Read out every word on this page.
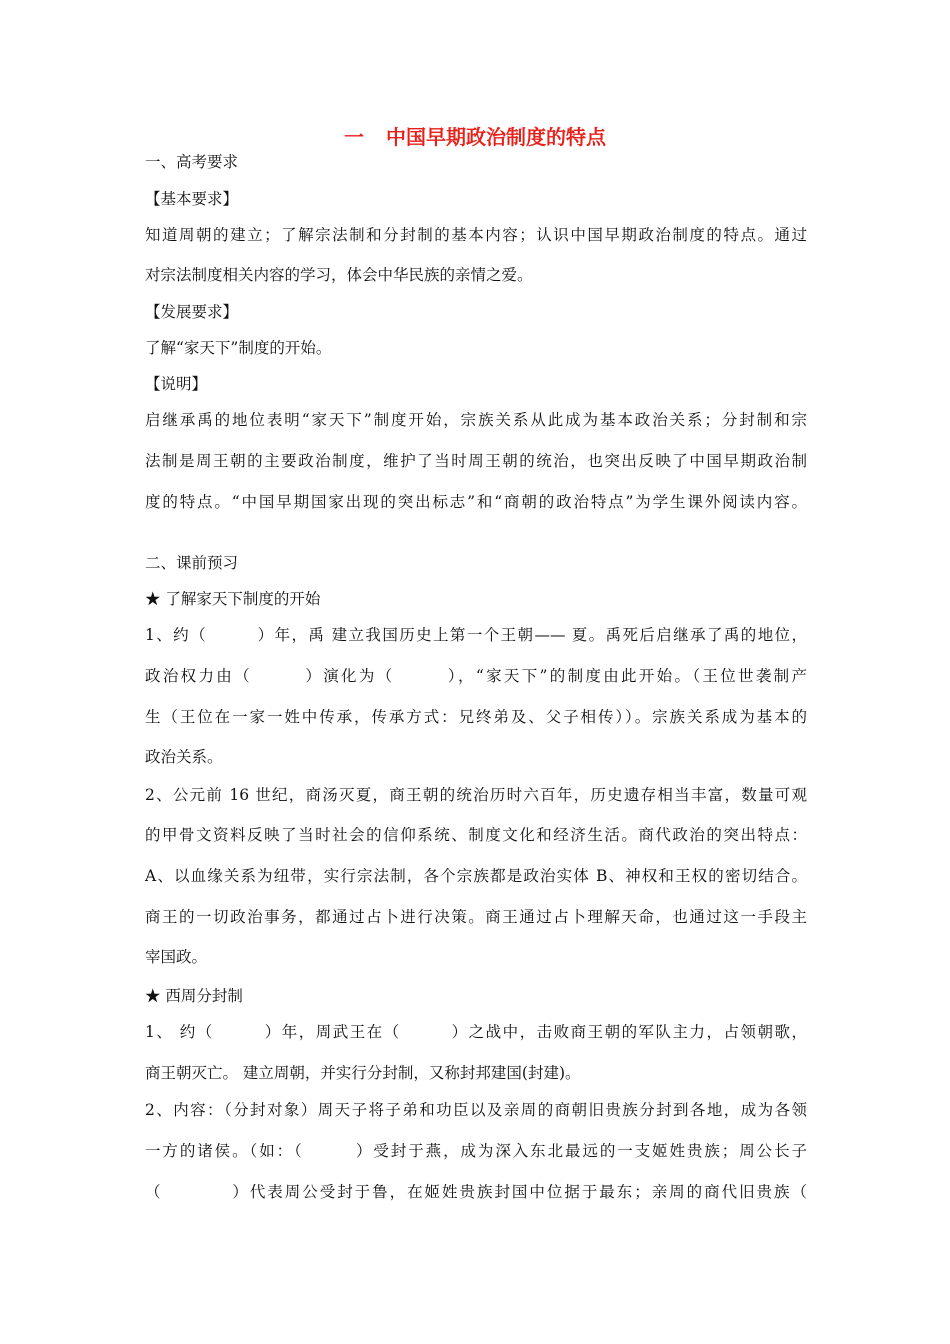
一 中国早期政治制度的特点
一、高考要求
【基本要求】
知道周朝的建立；了解宗法制和分封制的基本内容；认识中国早期政治制度的特点。通过
对宗法制度相关内容的学习，体会中华民族的亲情之爱。
【发展要求】
了解“家天下”制度的开始。
【说明】
启继承禹的地位表明“家天下”制度开始，宗族关系从此成为基本政治关系；分封制和宗
法制是周王朝的主要政治制度，维护了当时周王朝的统治，也突出反映了中国早期政治制
度的特点。“中国早期国家出现的突出标志”和“商朝的政治特点”为学生课外阅读内容。
二、课前预习
★ 了解家天下制度的开始
1、约（　　　）年，禹 建立我国历史上第一个王朝—— 夏。禹死后启继承了禹的地位，
政治权力由（　　　）演化为（　　　），“家天下”的制度由此开始。（王位世袭制产
生（王位在一家一姓中传承，传承方式：兄终弟及、父子相传））。宗族关系成为基本的
政治关系。
2、公元前 16 世纪，商汤灭夏，商王朝的统治历时六百年，历史遗存相当丰富，数量可观
的甲骨文资料反映了当时社会的信仰系统、制度文化和经济生活。商代政治的突出特点：
A、以血缘关系为纽带，实行宗法制，各个宗族都是政治实体 B、神权和王权的密切结合。
商王的一切政治事务，都通过占卜进行决策。商王通过占卜理解天命，也通过这一手段主
宰国政。
★ 西周分封制
1、 约（　　　）年，周武王在（　　　）之战中，击败商王朝的军队主力，占领朝歌，
商王朝灭亡。 建立周朝，并实行分封制，又称封邦建国(封建)。
2、内容：（分封对象）周天子将子弟和功臣以及亲周的商朝旧贵族分封到各地，成为各领
一方的诸侯。（如：（　　　）受封于燕，成为深入东北最远的一支姬姓贵族；周公长子
（　　　　）代表周公受封于鲁，在姬姓贵族封国中位据于最东；亲周的商代旧贵族（
